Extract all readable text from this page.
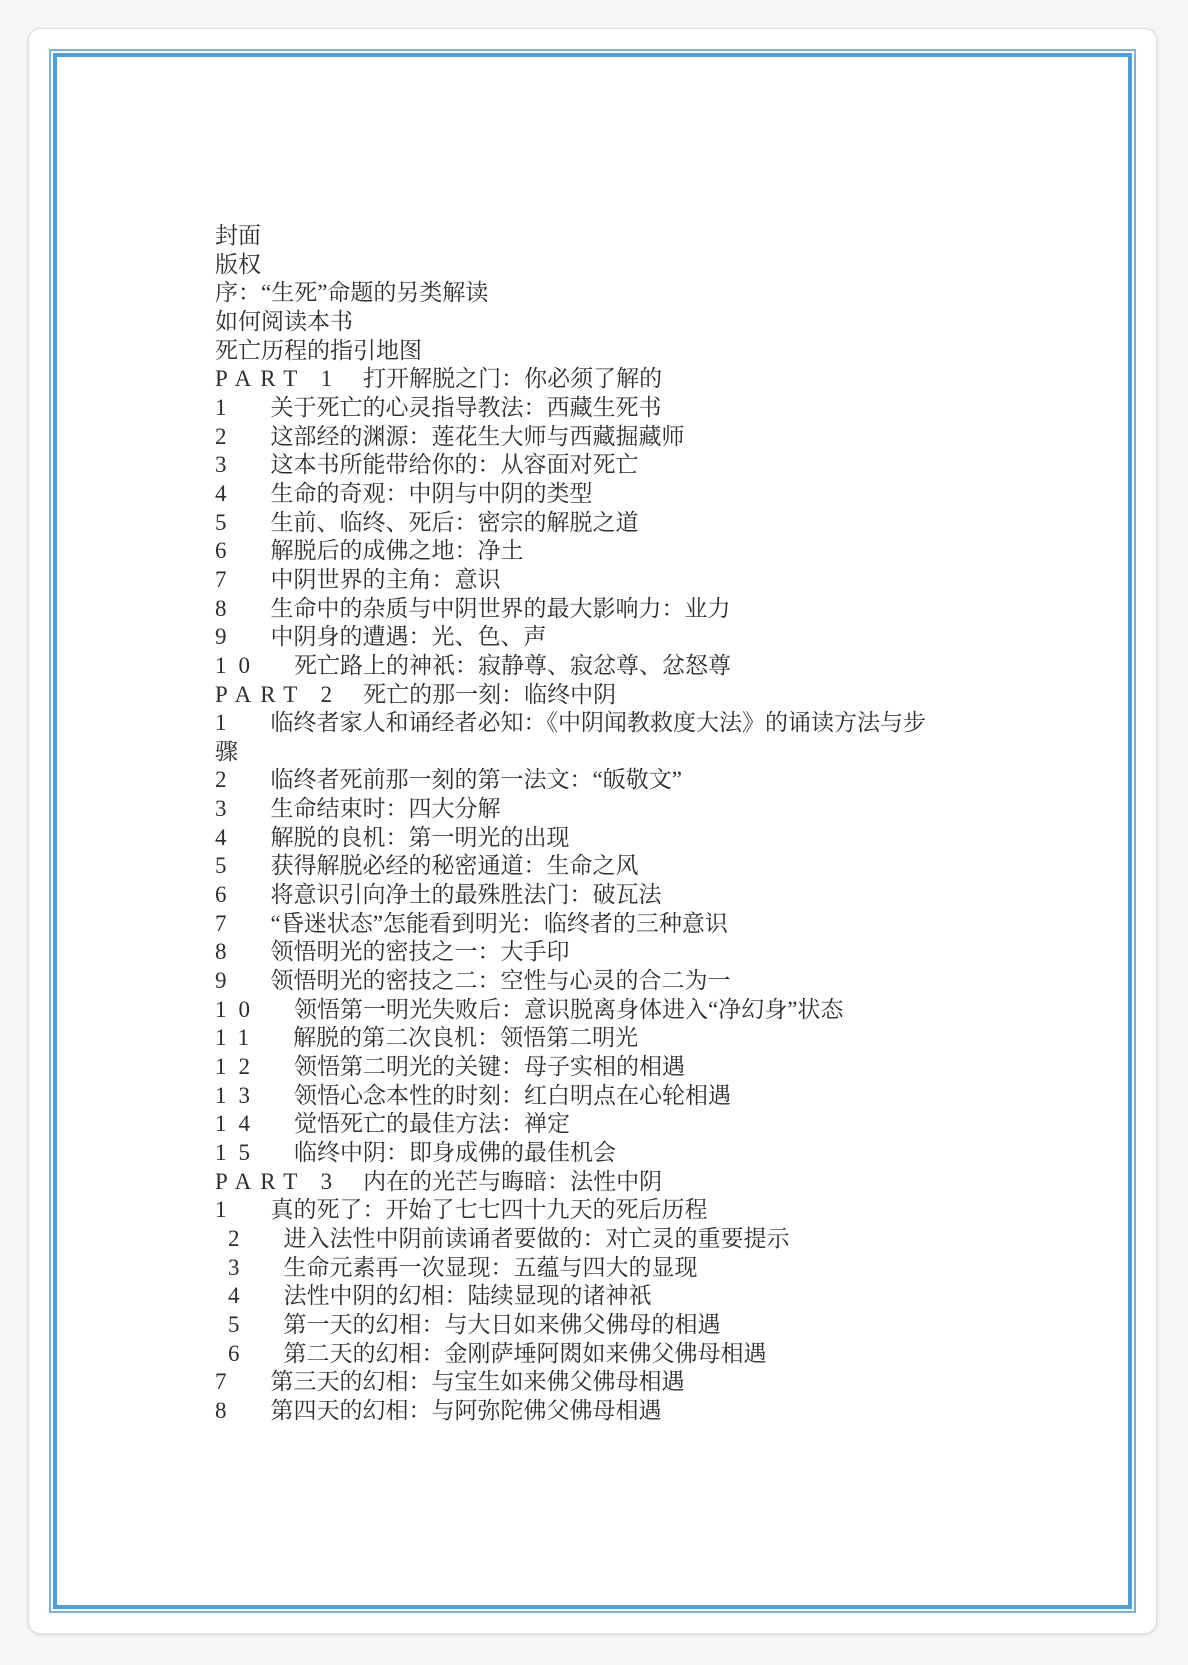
封面
版权
序：“生死”命题的另类解读
如何阅读本书
死亡历程的指引地图
PART 1 打开解脱之门：你必须了解的
1 关于死亡的心灵指导教法：西藏生死书
2 这部经的渊源：莲花生大师与西藏掘藏师
3 这本书所能带给你的：从容面对死亡
4 生命的奇观：中阴与中阴的类型
5 生前、临终、死后：密宗的解脱之道
6 解脱后的成佛之地：净土
7 中阴世界的主角：意识
8 生命中的杂质与中阴世界的最大影响力：业力
9 中阴身的遭遇：光、色、声
10 死亡路上的神祇：寂静尊、寂忿尊、忿怒尊
PART 2 死亡的那一刻：临终中阴
1 临终者家人和诵经者必知：《中阴闻教救度大法》的诵读方法与步
骤
2 临终者死前那一刻的第一法文：“皈敬文”
3 生命结束时：四大分解
4 解脱的良机：第一明光的出现
5 获得解脱必经的秘密通道：生命之风
6 将意识引向净土的最殊胜法门：破瓦法
7 “昏迷状态”怎能看到明光：临终者的三种意识
8 领悟明光的密技之一：大手印
9 领悟明光的密技之二：空性与心灵的合二为一
10 领悟第一明光失败后：意识脱离身体进入“净幻身”状态
11 解脱的第二次良机：领悟第二明光
12 领悟第二明光的关键：母子实相的相遇
13 领悟心念本性的时刻：红白明点在心轮相遇
14 觉悟死亡的最佳方法：禅定
15 临终中阴：即身成佛的最佳机会
PART 3 内在的光芒与晦暗：法性中阴
1 真的死了：开始了七七四十九天的死后历程
2 进入法性中阴前读诵者要做的：对亡灵的重要提示
3 生命元素再一次显现：五蕴与四大的显现
4 法性中阴的幻相：陆续显现的诸神祇
5 第一天的幻相：与大日如来佛父佛母的相遇
6 第二天的幻相：金刚萨埵阿閦如来佛父佛母相遇
7 第三天的幻相：与宝生如来佛父佛母相遇
8 第四天的幻相：与阿弥陀佛父佛母相遇
